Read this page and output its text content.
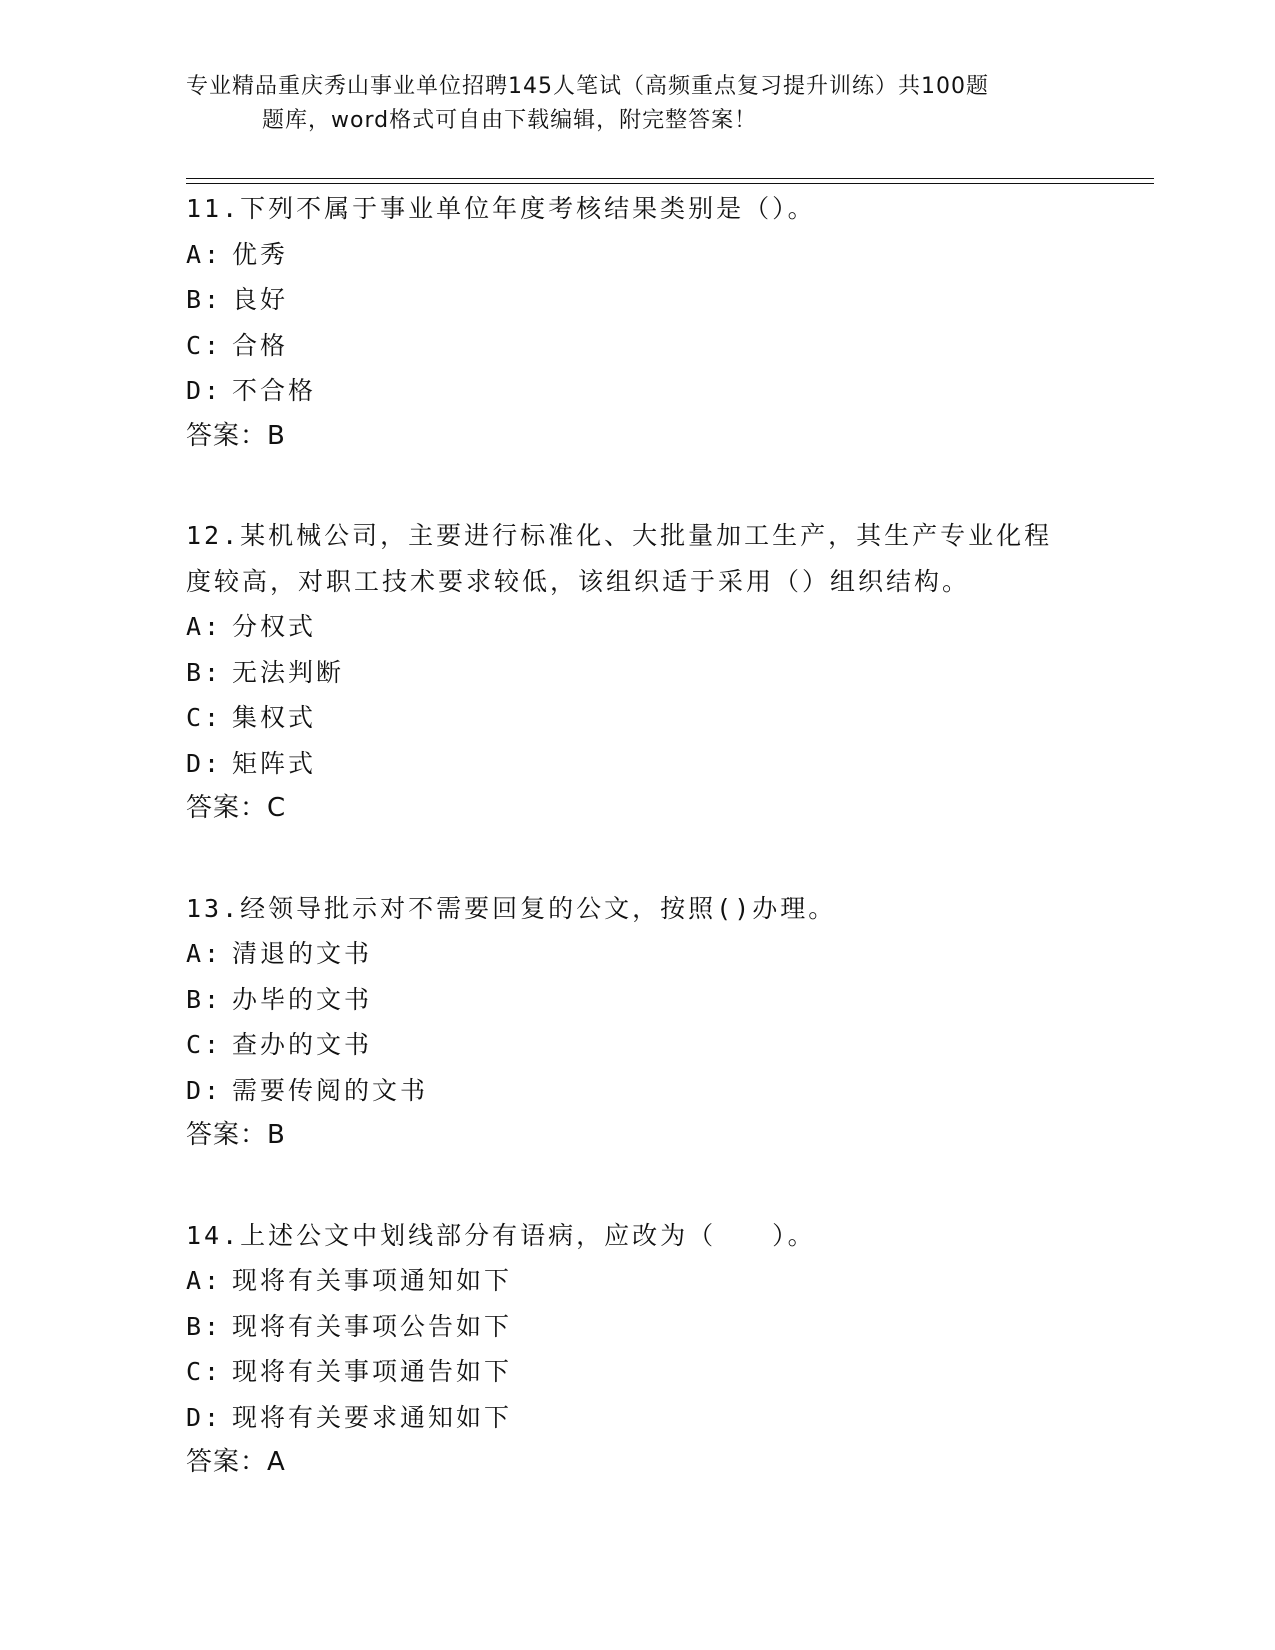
专业精品重庆秀山事业单位招聘145人笔试（高频重点复习提升训练）共100题
题库，word格式可自由下载编辑，附完整答案！
11.下列不属于事业单位年度考核结果类别是（）。
A: 优秀
B: 良好
C: 合格
D: 不合格
答案：B
12.某机械公司，主要进行标准化、大批量加工生产，其生产专业化程
度较高，对职工技术要求较低，该组织适于采用（）组织结构。
A: 分权式
B: 无法判断
C: 集权式
D: 矩阵式
答案：C
13.经领导批示对不需要回复的公文，按照()办理。
A: 清退的文书
B: 办毕的文书
C: 查办的文书
D: 需要传阅的文书
答案：B
14.上述公文中划线部分有语病，应改为（　　）。
A: 现将有关事项通知如下
B: 现将有关事项公告如下
C: 现将有关事项通告如下
D: 现将有关要求通知如下
答案：A
